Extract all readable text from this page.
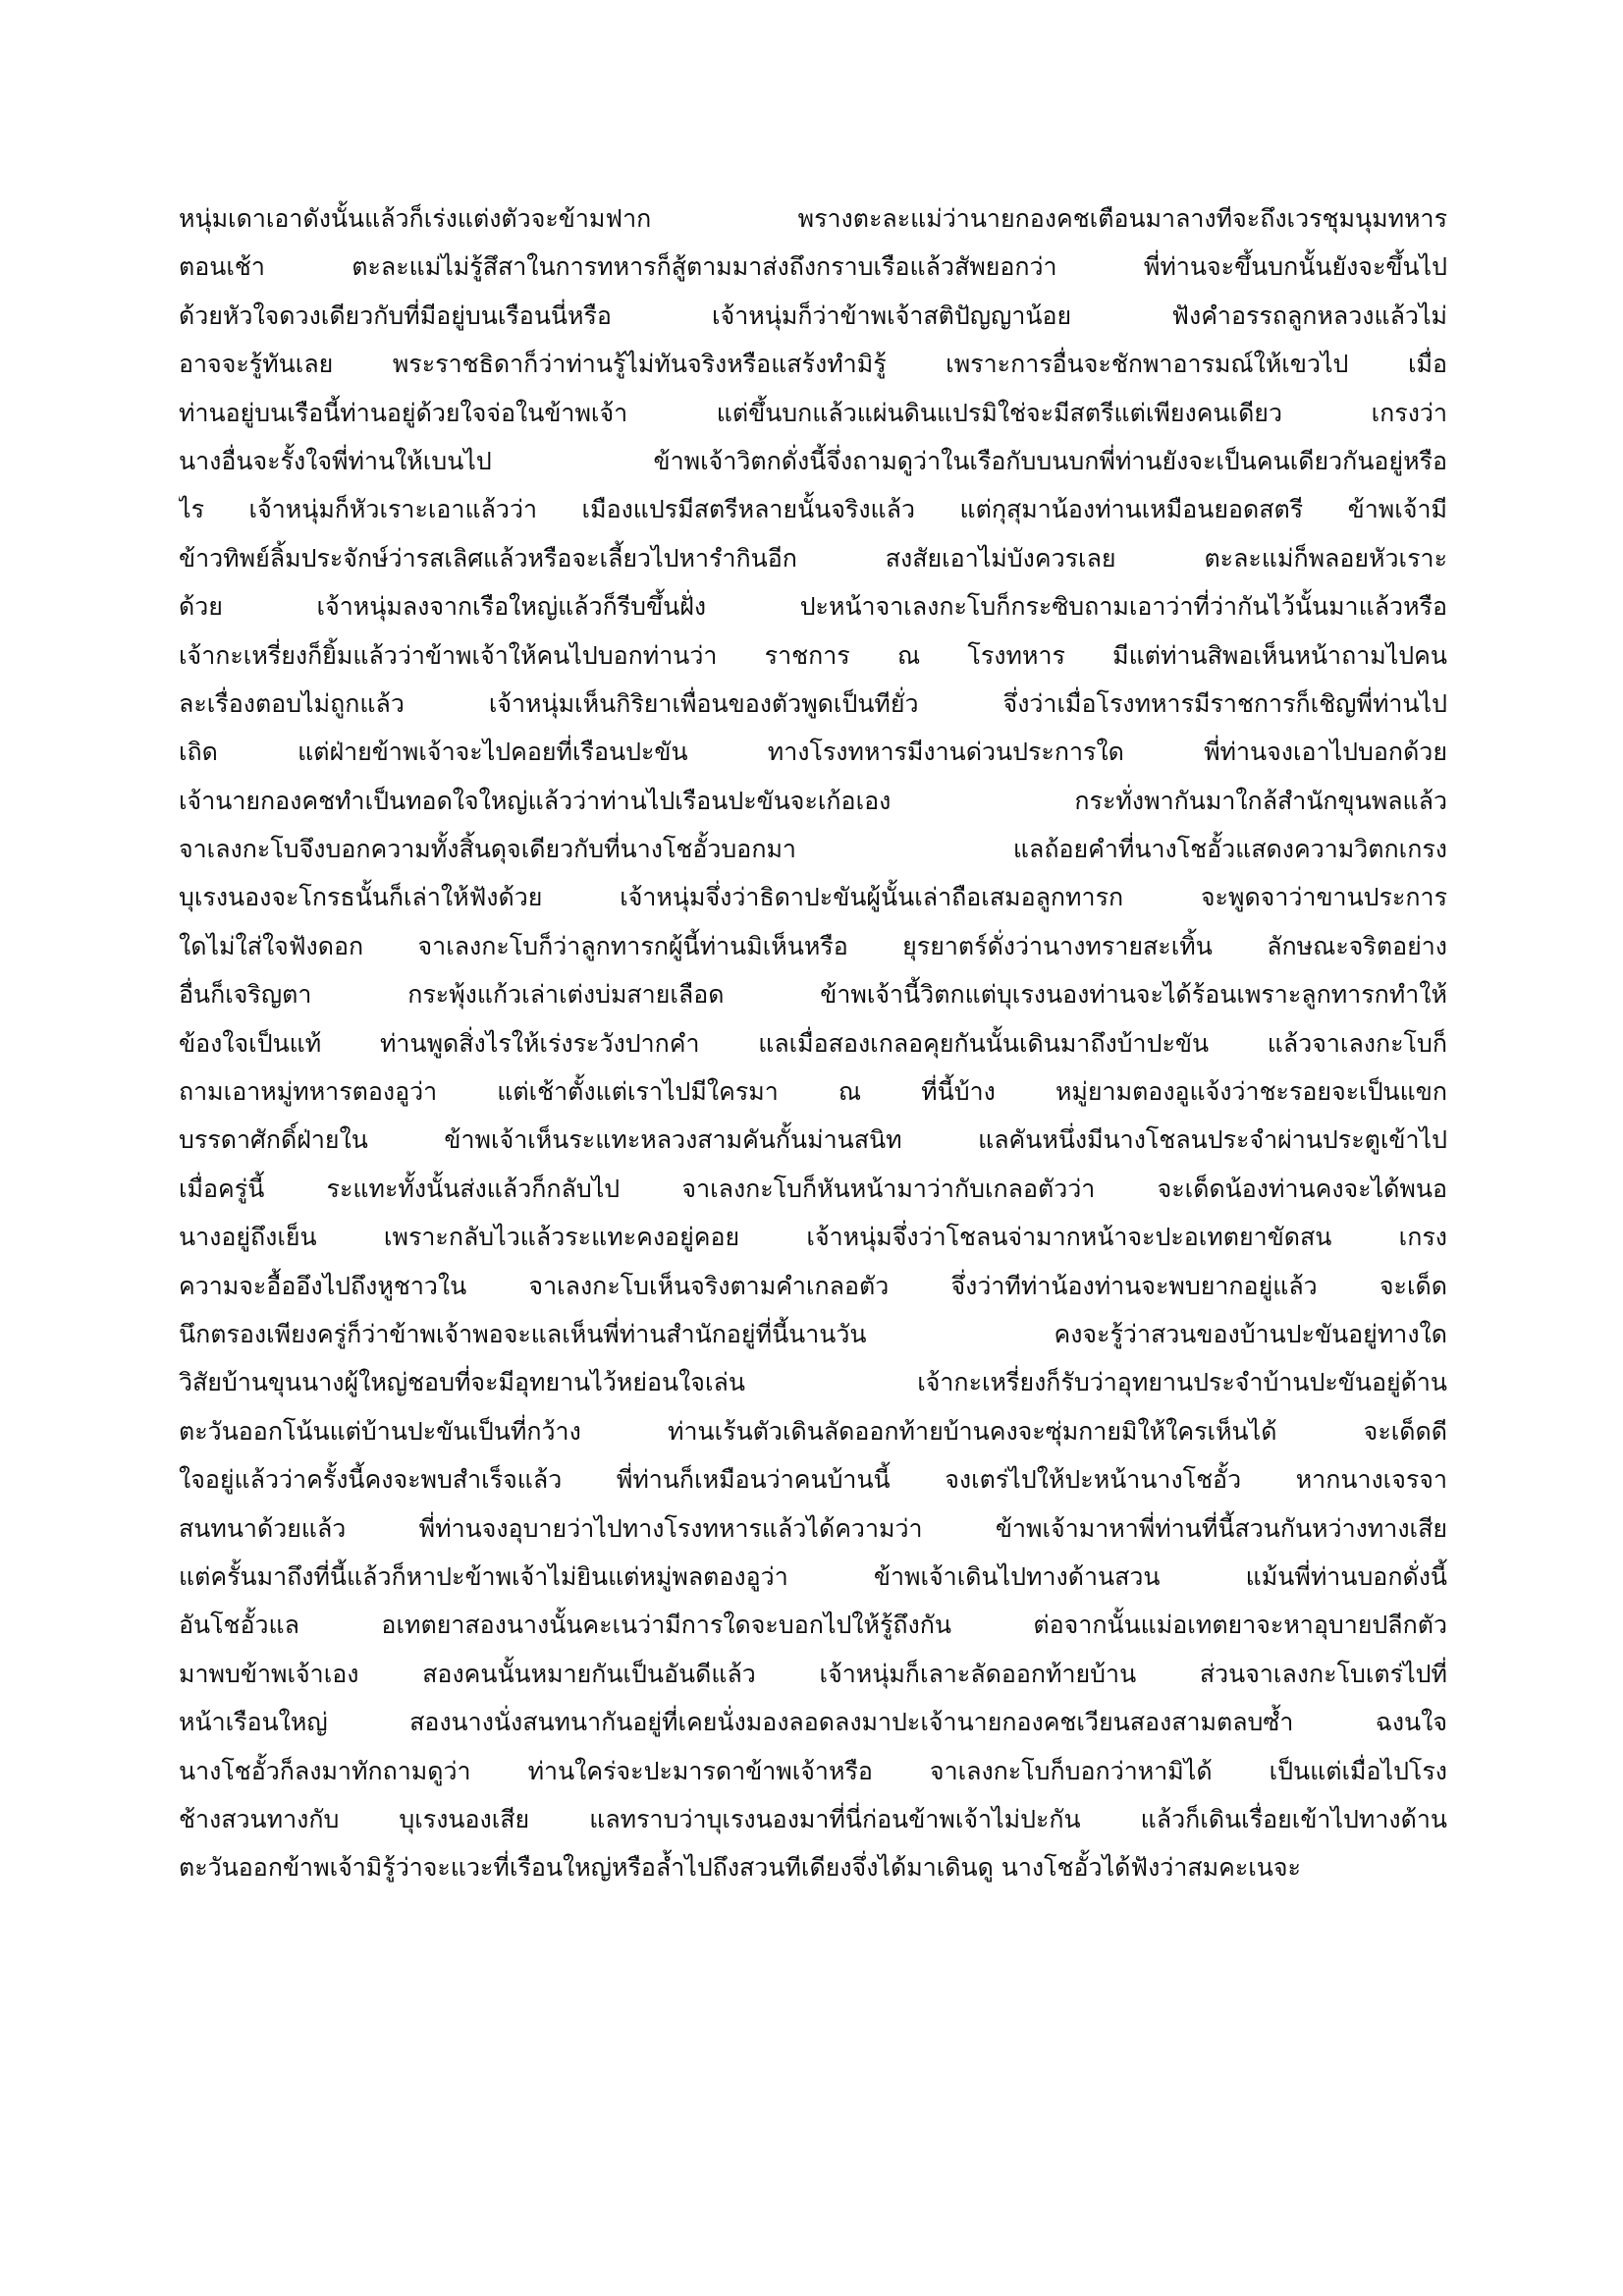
หนุ่มเดาเอาดังนั้นแล้วก็เร่งแต่งตัวจะข้ามฟาก พรางตะละแม่ว่านายกองคชเตือนมาลางทีจะถึงเวรชุมนุมทหาร
ตอนเช้า ตะละแม่ไม่รู้สึสาในการทหารก็สู้ตามมาส่งถึงกราบเรือแล้วสัพยอกว่า พี่ท่านจะขึ้นบกนั้นยังจะขึ้นไป
ด้วยหัวใจดวงเดียวกับที่มีอยู่บนเรือนนี่หรือ เจ้าหนุ่มก็ว่าข้าพเจ้าสติปัญญาน้อย ฟังคำอรรถลูกหลวงแล้วไม่
อาจจะรู้ทันเลย พระราชธิดาก็ว่าท่านรู้ไม่ทันจริงหรือแสร้งทำมิรู้ เพราะการอื่นจะชักพาอารมณ์ให้เขวไป เมื่อ
ท่านอยู่บนเรือนี้ท่านอยู่ด้วยใจจ่อในข้าพเจ้า แต่ขึ้นบกแล้วแผ่นดินแปรมิใช่จะมีสตรีแต่เพียงคนเดียว เกรงว่า
นางอื่นจะรั้งใจพี่ท่านให้เบนไป ข้าพเจ้าวิตกดั่งนี้จึ่งถามดูว่าในเรือกับบนบกพี่ท่านยังจะเป็นคนเดียวกันอยู่หรือ
ไร เจ้าหนุ่มก็หัวเราะเอาแล้วว่า เมืองแปรมีสตรีหลายนั้นจริงแล้ว แต่กุสุมาน้องท่านเหมือนยอดสตรี ข้าพเจ้ามี
ข้าวทิพย์ลิ้มประจักษ์ว่ารสเลิศแล้วหรือจะเลี้ยวไปหารำกินอีก สงสัยเอาไม่บังควรเลย ตะละแม่ก็พลอยหัวเราะ
ด้วย เจ้าหนุ่มลงจากเรือใหญ่แล้วก็รีบขึ้นฝั่ง ปะหน้าจาเลงกะโบก็กระซิบถามเอาว่าที่ว่ากันไว้นั้นมาแล้วหรือ
เจ้ากะเหรี่ยงก็ยิ้มแล้วว่าข้าพเจ้าให้คนไปบอกท่านว่า ราชการ ณ โรงทหาร มีแต่ท่านสิพอเห็นหน้าถามไปคน
ละเรื่องตอบไม่ถูกแล้ว เจ้าหนุ่มเห็นกิริยาเพื่อนของตัวพูดเป็นทียั่ว จึ่งว่าเมื่อโรงทหารมีราชการก็เชิญพี่ท่านไป
เถิด แต่ฝ่ายข้าพเจ้าจะไปคอยที่เรือนปะขัน ทางโรงทหารมีงานด่วนประการใด พี่ท่านจงเอาไปบอกด้วย
เจ้านายกองคชทำเป็นทอดใจใหญ่แล้วว่าท่านไปเรือนปะขันจะเก้อเอง กระทั่งพากันมาใกล้สำนักขุนพลแล้ว
จาเลงกะโบจึงบอกความทั้งสิ้นดุจเดียวกับที่นางโชอั้วบอกมา แลถ้อยคำที่นางโชอั้วแสดงความวิตกเกรง
บุเรงนองจะโกรธนั้นก็เล่าให้ฟังด้วย เจ้าหนุ่มจึ่งว่าธิดาปะขันผู้นั้นเล่าถือเสมอลูกทารก จะพูดจาว่าขานประการ
ใดไม่ใส่ใจฟังดอก จาเลงกะโบก็ว่าลูกทารกผู้นี้ท่านมิเห็นหรือ ยุรยาตร์ดั่งว่านางทรายสะเทิ้น ลักษณะจริตอย่าง
อื่นก็เจริญตา กระพุ้งแก้วเล่าเต่งบ่มสายเลือด ข้าพเจ้านี้วิตกแต่บุเรงนองท่านจะได้ร้อนเพราะลูกทารกทำให้
ข้องใจเป็นแท้ ท่านพูดสิ่งไรให้เร่งระวังปากคำ แลเมื่อสองเกลอคุยกันนั้นเดินมาถึงบ้าปะขัน แล้วจาเลงกะโบก็
ถามเอาหมู่ทหารตองอูว่า แต่เช้าตั้งแต่เราไปมีใครมา ณ ที่นี้บ้าง หมู่ยามตองอูแจ้งว่าชะรอยจะเป็นแขก
บรรดาศักดิ์ฝ่ายใน ข้าพเจ้าเห็นระแทะหลวงสามคันกั้นม่านสนิท แลคันหนึ่งมีนางโชลนประจำผ่านประตูเข้าไป
เมื่อครู่นี้ ระแทะทั้งนั้นส่งแล้วก็กลับไป จาเลงกะโบก็หันหน้ามาว่ากับเกลอตัวว่า จะเด็ดน้องท่านคงจะได้พนอ
นางอยู่ถึงเย็น เพราะกลับไวแล้วระแทะคงอยู่คอย เจ้าหนุ่มจึ่งว่าโชลนจ่ามากหน้าจะปะอเทตยาขัดสน เกรง
ความจะอื้ออึงไปถึงหูชาวใน จาเลงกะโบเห็นจริงตามคำเกลอตัว จึ่งว่าทีท่าน้องท่านจะพบยากอยู่แล้ว จะเด็ด
นึกตรองเพียงครู่ก็ว่าข้าพเจ้าพอจะแลเห็นพี่ท่านสำนักอยู่ที่นี้นานวัน คงจะรู้ว่าสวนของบ้านปะขันอยู่ทางใด
วิสัยบ้านขุนนางผู้ใหญ่ชอบที่จะมีอุทยานไว้หย่อนใจเล่น เจ้ากะเหรี่ยงก็รับว่าอุทยานประจำบ้านปะขันอยู่ด้าน
ตะวันออกโน้นแต่บ้านปะขันเป็นที่กว้าง ท่านเร้นตัวเดินลัดออกท้ายบ้านคงจะซุ่มกายมิให้ใครเห็นได้ จะเด็ดดี
ใจอยู่แล้วว่าครั้งนี้คงจะพบสำเร็จแล้ว พี่ท่านก็เหมือนว่าคนบ้านนี้ จงเตร่ไปให้ปะหน้านางโชอั้ว หากนางเจรจา
สนทนาด้วยแล้ว พี่ท่านจงอุบายว่าไปทางโรงทหารแล้วได้ความว่า ข้าพเจ้ามาหาพี่ท่านที่นี้สวนกันหว่างทางเสีย
แต่ครั้นมาถึงที่นี้แล้วก็หาปะข้าพเจ้าไม่ยินแต่หมู่พลตองอูว่า ข้าพเจ้าเดินไปทางด้านสวน แม้นพี่ท่านบอกดั่งนี้
อันโชอั้วแล อเทตยาสองนางนั้นคะเนว่ามีการใดจะบอกไปให้รู้ถึงกัน ต่อจากนั้นแม่อเทตยาจะหาอุบายปลีกตัว
มาพบข้าพเจ้าเอง สองคนนั้นหมายกันเป็นอันดีแล้ว เจ้าหนุ่มก็เลาะลัดออกท้ายบ้าน ส่วนจาเลงกะโบเตร่ไปที่
หน้าเรือนใหญ่ สองนางนั่งสนทนากันอยู่ที่เคยนั่งมองลอดลงมาปะเจ้านายกองคชเวียนสองสามตลบซ้ำ ฉงนใจ
นางโชอั้วก็ลงมาทักถามดูว่า ท่านใคร่จะปะมารดาข้าพเจ้าหรือ จาเลงกะโบก็บอกว่าหามิได้ เป็นแต่เมื่อไปโรง
ช้างสวนทางกับ บุเรงนองเสีย แลทราบว่าบุเรงนองมาที่นี่ก่อนข้าพเจ้าไม่ปะกัน แล้วก็เดินเรื่อยเข้าไปทางด้าน
ตะวันออกข้าพเจ้ามิรู้ว่าจะแวะที่เรือนใหญ่หรือล้ำไปถึงสวนทีเดียงจึ่งได้มาเดินดู นางโชอั้วได้ฟังว่าสมคะเนจะ
